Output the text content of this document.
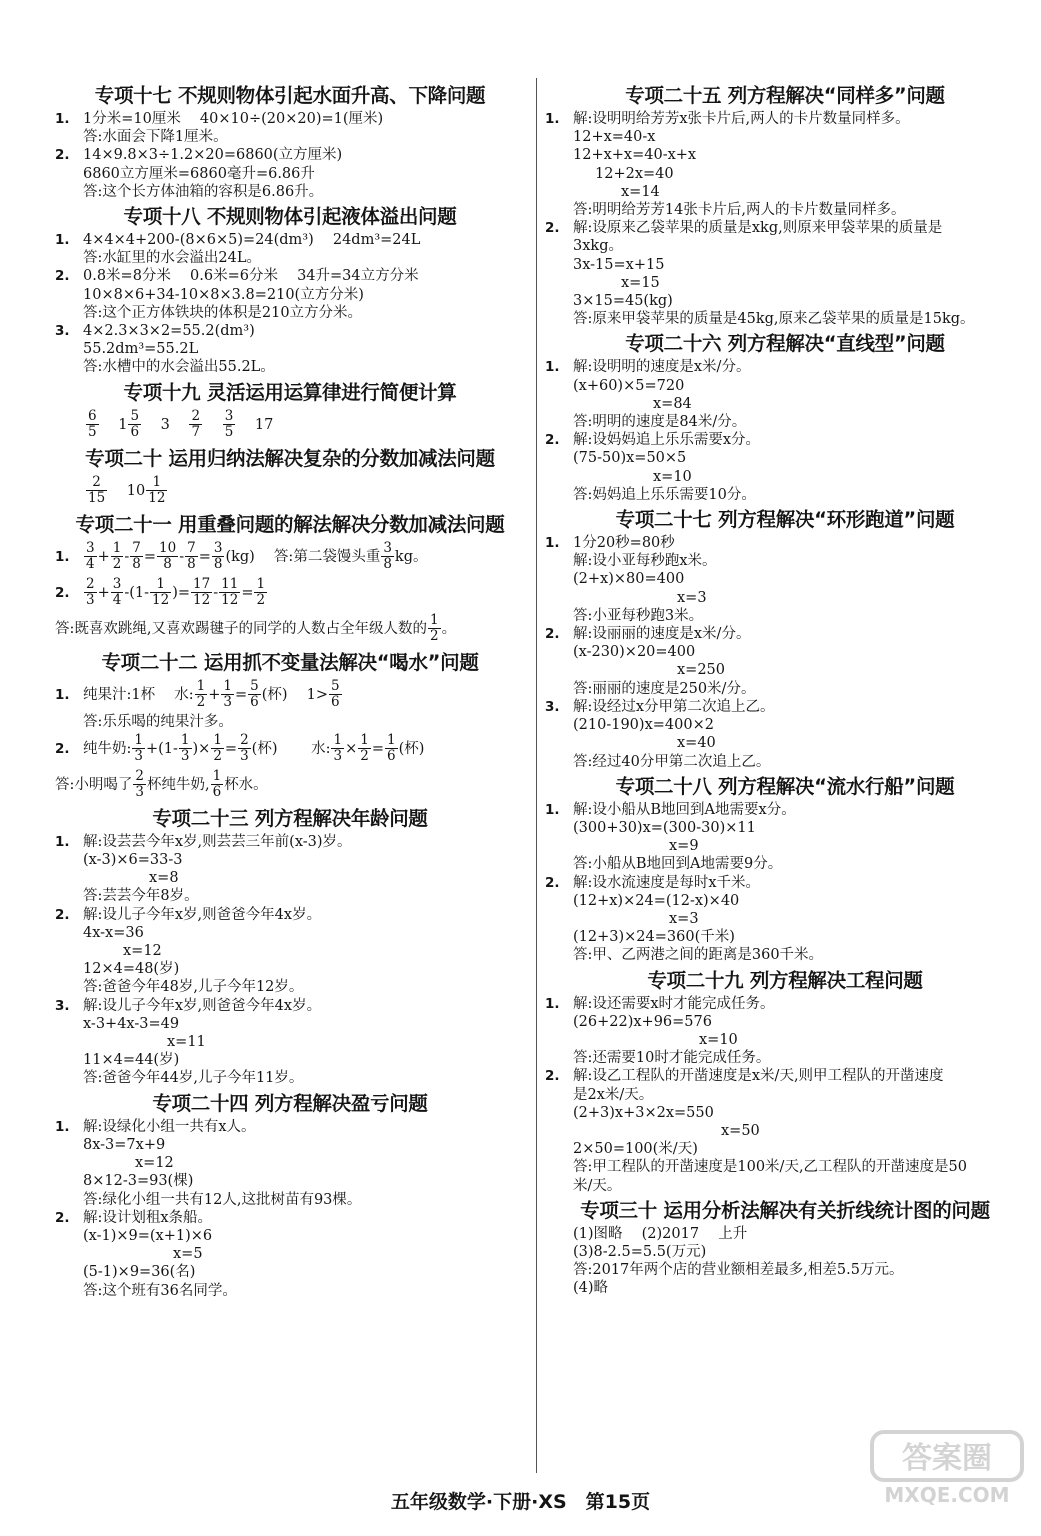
专项十七 不规则物体引起水面升高、下降问题
1. 1分米=10厘米　 40×10÷(20×20)=1(厘米)
答:水面会下降1厘米。
2. 14×9.8×3÷1.2×20=6860(立方厘米)
6860立方厘米=6860毫升=6.86升
答:这个长方体油箱的容积是6.86升。
专项十八 不规则物体引起液体溢出问题
1. 4×4×4+200-(8×6×5)=24(dm³)　 24dm³=24L
答:水缸里的水会溢出24L。
2. 0.8米=8分米　 0.6米=6分米　 34升=34立方分米
10×8×6+34-10×8×3.8=210(立方分米)
答:这个正方体铁块的体积是210立方分米。
3. 4×2.3×3×2=55.2(dm³)
55.2dm³=55.2L
答:水槽中的水会溢出55.2L。
专项十九 灵活运用运算律进行简便计算
$\frac{6}{5} 1 \frac{5}{6} 3 \frac{2}{7}$
$\frac{3}{5} 17$
专项二十 运用归纳法解决复杂的分数加减法问题
$\frac{2}{15} 10 \frac{1}{12}$
专项二十一 用重叠问题的解法解决分数加减法问题
1. $\frac{3}{4} + \frac{1}{2} - \frac{7}{8} = \frac{10}{8} - \frac{7}{8} = \frac{3}{8} (kg)$　 答:第二袋馒头重 $\frac{3}{8}$ kg。
2. $\frac{2}{3} + \frac{3}{4} -(1- \frac{1}{12}$ )= $\frac{17}{12} - \frac{11}{12} = \frac{1}{2}$
答:既喜欢跳绳,又喜欢踢毽子的同学的人数占全年级人数的 $\frac{1}{2}$ 。
专项二十二 运用抓不变量法解决“喝水”问题
1. 纯果汁:1杯　 水: $\frac{1}{2} + \frac{1}{3} = \frac{5}{6}$ (杯)　 $1> \frac{5}{6}$
答:乐乐喝的纯果汁多。
2. 纯牛奶: $\frac{1}{3} +(1- \frac{1}{3}$ )× $\frac{1}{2} = \frac{2}{3}$ (杯)　　 水: $\frac{1}{3} \times \frac{1}{2} = \frac{1}{6}$ (杯)
答:小明喝了 $\frac{2}{3}$ 杯纯牛奶, $\frac{1}{6}$ 杯水。
专项二十三 列方程解决年龄问题
1. 解:设芸芸今年x岁,则芸芸三年前(x-3)岁。
(x-3)×6=33-3
x=8
答:芸芸今年8岁。
2. 解:设儿子今年x岁,则爸爸今年4x岁。
4x-x=36
x=12
12×4=48(岁)
答:爸爸今年48岁,儿子今年12岁。
3. 解:设儿子今年x岁,则爸爸今年4x岁。
x-3+4x-3=49
x=11
11×4=44(岁)
答:爸爸今年44岁,儿子今年11岁。
专项二十四 列方程解决盈亏问题
1. 解:设绿化小组一共有x人。
8x-3=7x+9
x=12
8×12-3=93(棵)
答:绿化小组一共有12人,这批树苗有93棵。
2. 解:设计划租x条船。
(x-1)×9=(x+1)×6
x=5
(5-1)×9=36(名)
答:这个班有36名同学。
专项二十五 列方程解决“同样多”问题
1. 解:设明明给芳芳x张卡片后,两人的卡片数量同样多。
12+x=40-x
12+x+x=40-x+x
12+2x=40
x=14
答:明明给芳芳14张卡片后,两人的卡片数量同样多。
2. 解:设原来乙袋苹果的质量是xkg,则原来甲袋苹果的质量是
3xkg。
3x-15=x+15
x=15
3×15=45(kg)
答:原来甲袋苹果的质量是45kg,原来乙袋苹果的质量是15kg。
专项二十六 列方程解决“直线型”问题
1. 解:设明明的速度是x米/分。
(x+60)×5=720
x=84
答:明明的速度是84米/分。
2. 解:设妈妈追上乐乐需要x分。
(75-50)x=50×5
x=10
答:妈妈追上乐乐需要10分。
专项二十七 列方程解决“环形跑道”问题
1. 1分20秒=80秒
解:设小亚每秒跑x米。
(2+x)×80=400
x=3
答:小亚每秒跑3米。
2. 解:设丽丽的速度是x米/分。
(x-230)×20=400
x=250
答:丽丽的速度是250米/分。
3. 解:设经过x分甲第二次追上乙。
(210-190)x=400×2
x=40
答:经过40分甲第二次追上乙。
专项二十八 列方程解决“流水行船”问题
1. 解:设小船从B地回到A地需要x分。
(300+30)x=(300-30)×11
x=9
答:小船从B地回到A地需要9分。
2. 解:设水流速度是每时x千米。
(12+x)×24=(12-x)×40
x=3
(12+3)×24=360(千米)
答:甲、乙两港之间的距离是360千米。
专项二十九 列方程解决工程问题
1. 解:设还需要x时才能完成任务。
(26+22)x+96=576
x=10
答:还需要10时才能完成任务。
2. 解:设乙工程队的开凿速度是x米/天,则甲工程队的开凿速度
是2x米/天。
(2+3)x+3×2x=550
x=50
2×50=100(米/天)
答:甲工程队的开凿速度是100米/天,乙工程队的开凿速度是50
米/天。
专项三十 运用分析法解决有关折线统计图的问题
(1)图略　 (2)2017　 上升
(3)8-2.5=5.5(万元)
答:2017年两个店的营业额相差最多,相差5.5万元。
(4)略
五年级数学·下册·XS　第15页
答案圈
MXQE.COM
